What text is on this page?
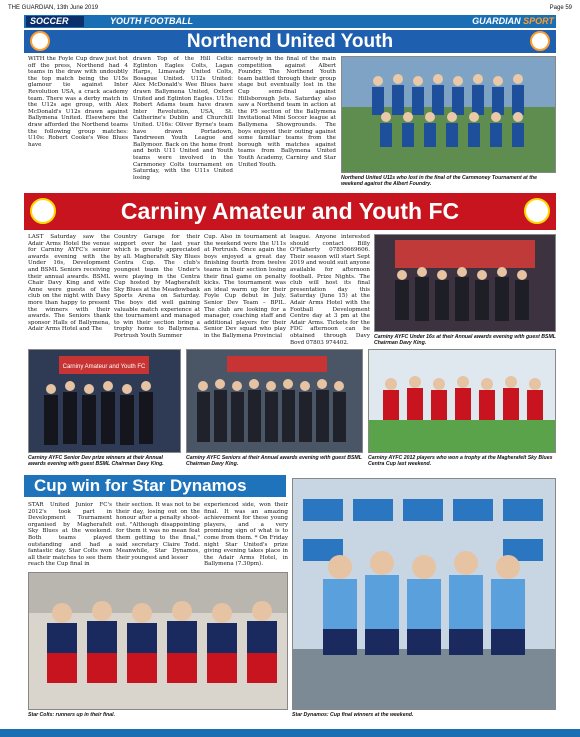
THE GUARDIAN, 13th June 2019	Page 59
SOCCER	YOUTH FOOTBALL	GUARDIAN SPORT
Northend United Youth
WITH the Foyle Cup draw just hot off the press, Northend had 4 teams in the draw with undoubtly the top match being the U15s glamour tie against Inter Revolution USA, a crack academy team. There was a derby match in the U12s age group, with Alex McDonald's U12s drawn against Ballymena United. Elsewhere the draw afforded the Northend teams the following group matches: U10s: Robert Cooke's Wee Blues have
drawn Top of the Hill Celtic Eglinton Eagles Colts, Lagan Harps, Limavady United Colts, Bosague United. U12s United: Alex McDonald's Wee Blues have drawn Ballymena United, Oxford United and Eglinton Eagles. U15s: Robert Adams team have drawn Inter Revolution, USA, St. Catherine's Dublin and Churchill United. U16s: Oliver Byrne's team have drawn Portadown, Tandrween Youth League and Ballymoor. Back on the home front and both U11 United and Youth teams were involved in the Carnmoney Colts tournament on Saturday, with the U11s United losing
narrowly in the final of the main competition against Albert Foundry. The Northend Youth team battled through their group stage but eventually lost in the Cup semi-final against Hillsborough Jets. Saturday also saw a Northend team in action at the P5 section of the Ballymena Invitational Mini Soccer league at Ballymena Showgrounds. The boys enjoyed their outing against some familiar teams from the borough with matches against teams from Ballymena United Youth Academy, Carniny and Star United Youth.
Northend United U11s who lost in the final of the Carnmoney Tournament at the weekend against the Albert Foundry.
Carniny Amateur and Youth FC
LAST Saturday saw the Adair Arms Hotel the venue for Carniny AYFC's senior awards evening with the Under 16s, Development and BSML Seniors receiving their annual awards. BSML Chair Davy King and wife Anne were guests of the club on the night with Davy more than happy to present the winners with their awards. The Seniors thank sponsor Halls of Ballymena, Adair Arms Hotel and The
Country Garage for their support over he last year which is greatly appreciated by all. Magherafelt Sky Blues Centra Cup. The club's youngest team the Under's were playing in the Centra Cup hosted by Magherafelt Sky Blues at the Meadowbank Sports Arena on Saturday. The boys did well gaining valuable match experience at the tournament and managed to win their section bring a trophy home to Ballymena. Portrush Youth Summer
Cup. Also in tournament at the weekend were the U11s at Portrush. Once again the boys enjoyed a great day finishing fourth from twelve teams in their section losing their final game on penalty kicks. The tournament was an ideal warm up for their Foyle Cup debut in July. Senior Dev Team – BPIL. The club are looking for a manager, coaching staff and additional players for their Senior Dev squad who play in the Ballymena Provincial
league. Anyone interested should contact Billy O'Flaherty 07850669606. Their season will start Sept 2019 and would suit anyone available for afternoon football. Prize Nights. The club will host its final presentation day this Saturday (June 15) at the Adair Arms Hotel with the Football Development Centre day at 3 pm at the Adair Arms. Tickets for the FDC afternoon can be obtained through Davy Boyd 07803 974402.
Carniny AYFC Under 16s at their Annual awards evening with guest BSML Chairman Davy King.
Carniny Amateur and Youth FC
Carniny AYFC Senior Dev prize winners at their Annual awards evening with guest BSML Chairman Davy King.
Carniny AYFC Seniors at their Annual awards evening with guest BSML Chairman Davy King.
Carniny AYFC 2012 players who won a trophy at the Magherafelt Sky Blues Centra Cup last weekend.
Cup win for Star Dynamos
STAR United Junior FC's 2012's took part in Development Tournament organised by Magherafelt Sky Blues at the weekend. Both teams played outstanding and had a fantastic day. Star Colts won all their matches to see them reach the Cup final in
their section. It was not to be their day, losing out on the honour after a penalty shoot-out. "Although disappointing for them it was no mean feat them getting to the final," said secretary Claire Todd. Meanwhile, Star Dynamos, their youngest and lesser
experienced side, won their final. It was an amazing achievement for these young players, and a very promising sign of what is to come from them. * On Friday night Star United's prize giving evening takes place in the Adair Arms Hotel, in Ballymena (7.30pm).
Star Colts: runners up in their final.	Star Dynamos: Cup final winners at the weekend.
